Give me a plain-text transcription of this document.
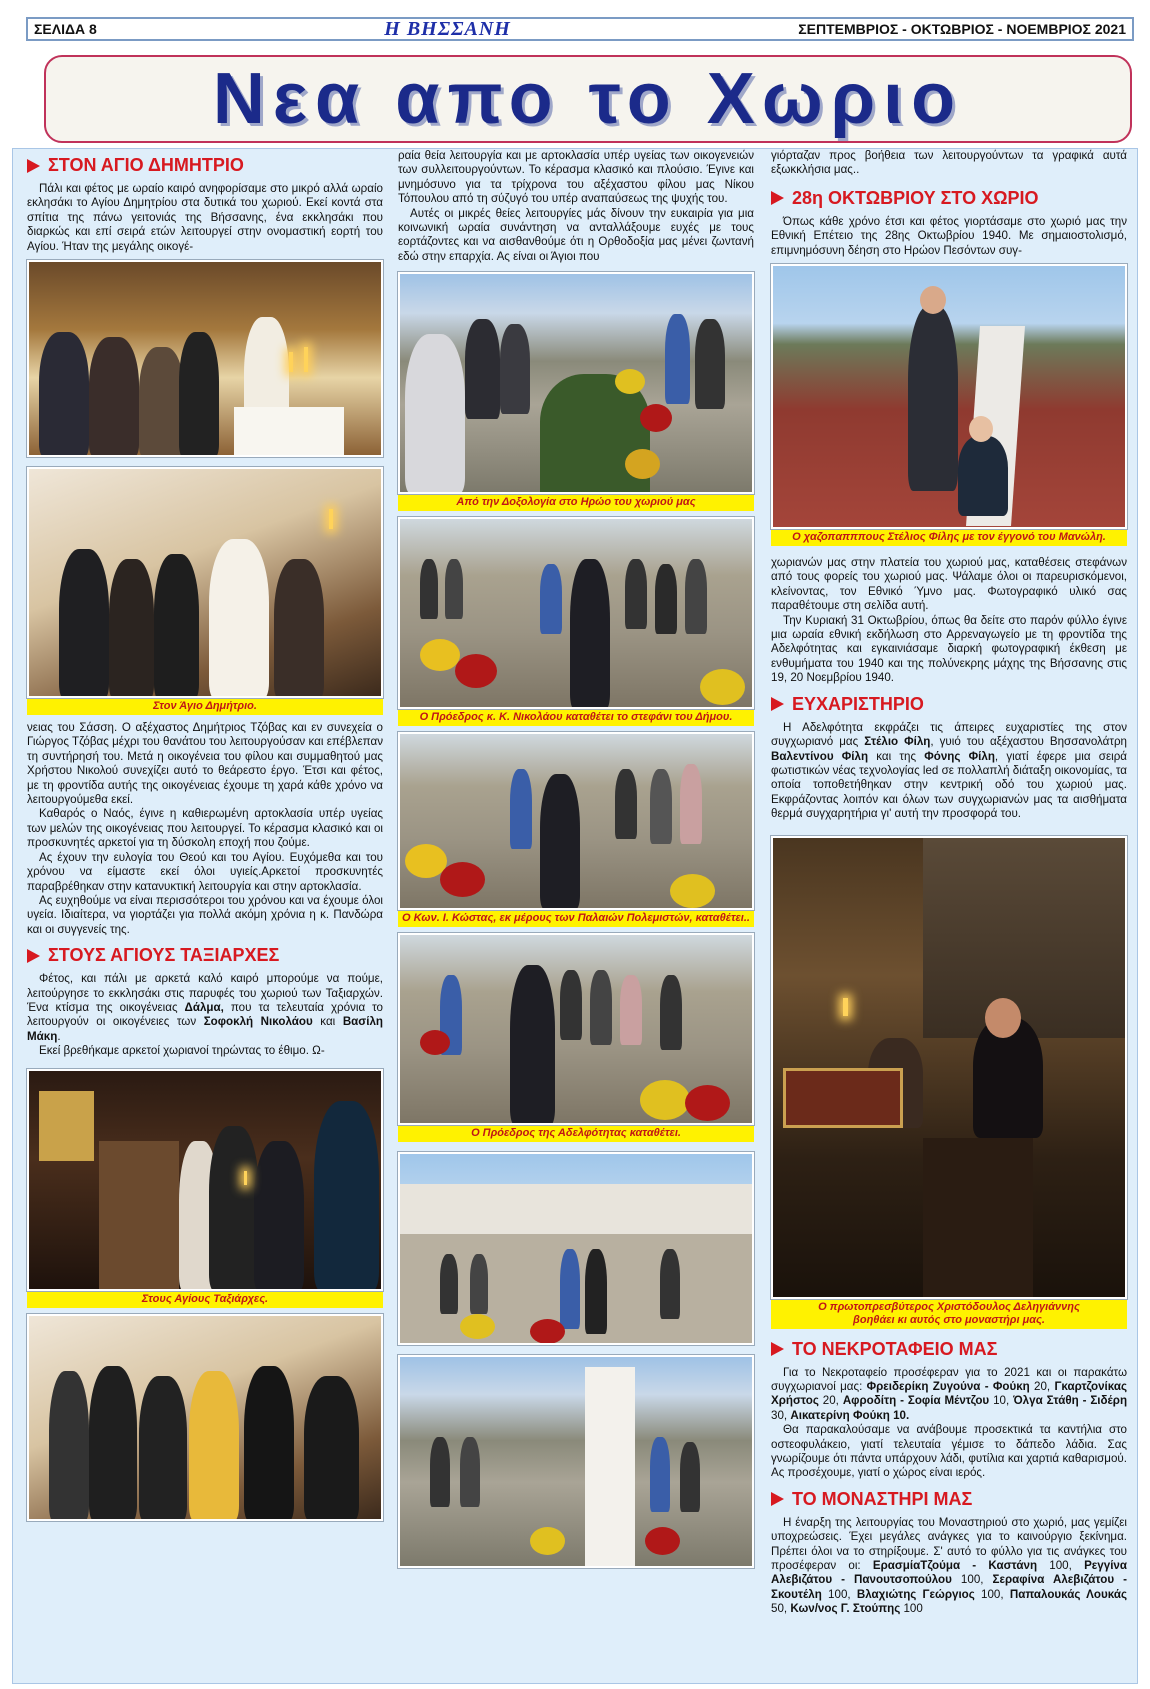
ΣΕΛΙΔΑ 8	Η ΒΗΣΣΑΝΗ	ΣΕΠΤΕΜΒΡΙΟΣ - ΟΚΤΩΒΡΙΟΣ - ΝΟΕΜΒΡΙΟΣ 2021
Νεα απο το Χωριο
ΣΤΟΝ ΑΓΙΟ ΔΗΜΗΤΡΙΟ

Πάλι και φέτος με ωραίο καιρό ανηφορίσαμε στο μικρό αλλά ωραίο εκλησάκι το Αγίου Δημητρίου στα δυτικά του χωριού. Εκεί κοντά στα σπίτια της πάνω γειτονιάς της Βήσσανης, ένα εκκλησάκι που διαρκώς και επί σειρά ετών λειτουργεί στην ονομαστική εορτή του Αγίου. Ήταν της μεγάλης οικογέ-

Στον Άγιο Δημήτριο.

νειας του Σάσση. Ο αξέχαστος Δημήτριος Τζόβας και εν συνεχεία ο Γιώργος Τζόβας μέχρι του θανάτου του λειτουργούσαν και επέβλεπαν τη συντήρησή του. Μετά η οικογένεια του φίλου και συμμαθητού μας Χρήστου Νικολού συνεχίζει αυτό το θεάρεστο έργο. Έτσι και φέτος, με τη φροντίδα αυτής της οικογένειας έχουμε τη χαρά κάθε χρόνο να λειτουργούμεθα εκεί.

Καθαρός ο Ναός, έγινε η καθιερωμένη αρτοκλασία υπέρ υγείας των μελών της οικογένειας που λειτουργεί. Το κέρασμα κλασικό και οι προσκυνητές αρκετοί για τη δύσκολη εποχή που ζούμε.

Ας έχουν την ευλογία του Θεού και του Αγίου. Ευχόμεθα και του χρόνου να είμαστε εκεί όλοι υγιείς.Αρκετοί προσκυνητές παραβρέθηκαν στην κατανυκτική λειτουργία και στην αρτοκλασία.

Ας ευχηθούμε να είναι περισσότεροι του χρόνου και να έχουμε όλοι υγεία. Ιδιαίτερα, να γιορτάζει για πολλά ακόμη χρόνια η κ. Πανδώρα και οι συγγενείς της.

ΣΤΟΥΣ ΑΓΙΟΥΣ ΤΑΞΙΑΡΧΕΣ

Φέτος, και πάλι με αρκετά καλό καιρό μπορούμε να πούμε, λειτούργησε το εκκλησάκι στις παρυφές του χωριού των Ταξιαρχών. Ένα κτίσμα της οικογένειας Δάλμα, που τα τελευταία χρόνια το λειτουργούν οι οικογένειες των Σοφοκλή Νικολάου και Βασίλη Μάκη.

Εκεί βρεθήκαμε αρκετοί χωριανοί τηρώντας το έθιμο. Ω-

Στους Αγίους Ταξιάρχες.

ραία θεία λειτουργία και με αρτοκλασία υπέρ υγείας των οικογενειών των συλλειτουργούντων. Το κέρασμα κλασικό και πλούσιο. Έγινε και μνημόσυνο για τα τρίχρονα του αξέχαστου φίλου μας Νίκου Τόπουλου από τη σύζυγό του υπέρ αναπαύσεως της ψυχής του.

Αυτές οι μικρές θείες λειτουργίες μάς δίνουν την ευκαιρία για μια κοινωνική ωραία συνάντηση να ανταλλάξουμε ευχές με τους εορτάζοντες και να αισθανθούμε ότι η Ορθοδοξία μας μένει ζωντανή εδώ στην επαρχία. Ας είναι οι Άγιοι που

Από την Δοξολογία στο Ηρώο του χωριού μας
Ο Πρόεδρος κ. Κ. Νικολάου καταθέτει το στεφάνι του Δήμου.
Ο Κων. Ι. Κώστας, εκ μέρους των Παλαιών Πολεμιστών, καταθέτει..
Ο Πρόεδρος της Αδελφότητας καταθέτει.

γιόρταζαν προς βοήθεια των λειτουργούντων τα γραφικά αυτά εξωκκλήσια μας..

28η ΟΚΤΩΒΡΙΟΥ ΣΤΟ ΧΩΡΙΟ

Όπως κάθε χρόνο έτσι και φέτος γιορτάσαμε στο χωριό μας την Εθνική Επέτειο της 28ης Οκτωβρίου 1940. Με σημαιοστολισμό, επιμνημόσυνη δέηση στο Ηρώον Πεσόντων συγ-

Ο χαζοπαπππους Στέλιος Φίλης με τον έγγονό του Μανώλη.

χωριανών μας στην πλατεία του χωριού μας, καταθέσεις στεφάνων από τους φορείς του χωριού μας. Ψάλαμε όλοι οι παρευρισκόμενοι, κλείνοντας, τον Εθνικό Ύμνο μας. Φωτογραφικό υλικό σας παραθέτουμε στη σελίδα αυτή.

Την Κυριακή 31 Οκτωβρίου, όπως θα δείτε στο παρόν φύλλο έγινε μια ωραία εθνική εκδήλωση στο Αρρεναγωγείο με τη φροντίδα της Αδελφότητας και εγκαινιάσαμε διαρκή φωτογραφική έκθεση με ενθυμήματα του 1940 και της πολύνεκρης μάχης της Βήσσανης στις 19, 20 Νοεμβρίου 1940.

ΕΥΧΑΡΙΣΤΗΡΙΟ

Η Αδελφότητα εκφράζει τις άπειρες ευχαριστίες της στον συγχωριανό μας Στέλιο Φίλη, γυιό του αξέχαστου Βησσανολάτρη Βαλεντίνου Φίλη και της Φόνης Φίλη, γιατί έφερε μια σειρά φωτιστικών νέας τεχνολογίας led σε πολλαπλή διάταξη οικονομίας, τα οποία τοποθετήθηκαν στην κεντρική οδό του χωριού μας. Εκφράζοντας λοιπόν και όλων των συγχωριανών μας τα αισθήματα θερμά συγχαρητήρια γι' αυτή την προσφορά του.

Ο πρωτοπρεσβύτερος Χριστόδουλος Δεληγιάννης
βοηθάει κι αυτός στο μοναστήρι μας.
ΤΟ ΝΕΚΡΟΤΑΦΕΙΟ ΜΑΣ

Για το Νεκροταφείο προσέφεραν για το 2021 και οι παρακάτω συγχωριανοί μας: Φρειδερίκη Ζυγούνα - Φούκη 20, Γκαρτζονίκας Χρήστος 20, Αφροδίτη - Σοφία Μέντζου 10, Όλγα Στάθη - Σιδέρη 30, Αικατερίνη Φούκη 10.

Θα παρακαλούσαμε να ανάβουμε προσεκτικά τα καντήλια στο οστεοφυλάκειο, γιατί τελευταία γέμισε το δάπεδο λάδια. Σας γνωρίζουμε ότι πάντα υπάρχουν λάδι, φυτίλια και χαρτιά καθαρισμού. Ας προσέχουμε, γιατί ο χώρος είναι ιερός.

ΤΟ ΜΟΝΑΣΤΗΡΙ ΜΑΣ

Η έναρξη της λειτουργίας του Μοναστηριού στο χωριό, μας γεμίζει υποχρεώσεις. Έχει μεγάλες ανάγκες για το καινούργιο ξεκίνημα. Πρέπει όλοι να το στηρίξουμε. Σ' αυτό το φύλλο για τις ανάγκες του προσέφεραν οι: ΕρασμίαΤζούμα - Καστάνη 100, Ρεγγίνα Αλεβιζάτου - Πανουτσοπούλου 100, Σεραφίνα Αλεβιζάτου - Σκουτέλη 100, Βλαχιώτης Γεώργιος 100, Παπαλουκάς Λουκάς 50, Κων/νος Γ. Στούπης 100
